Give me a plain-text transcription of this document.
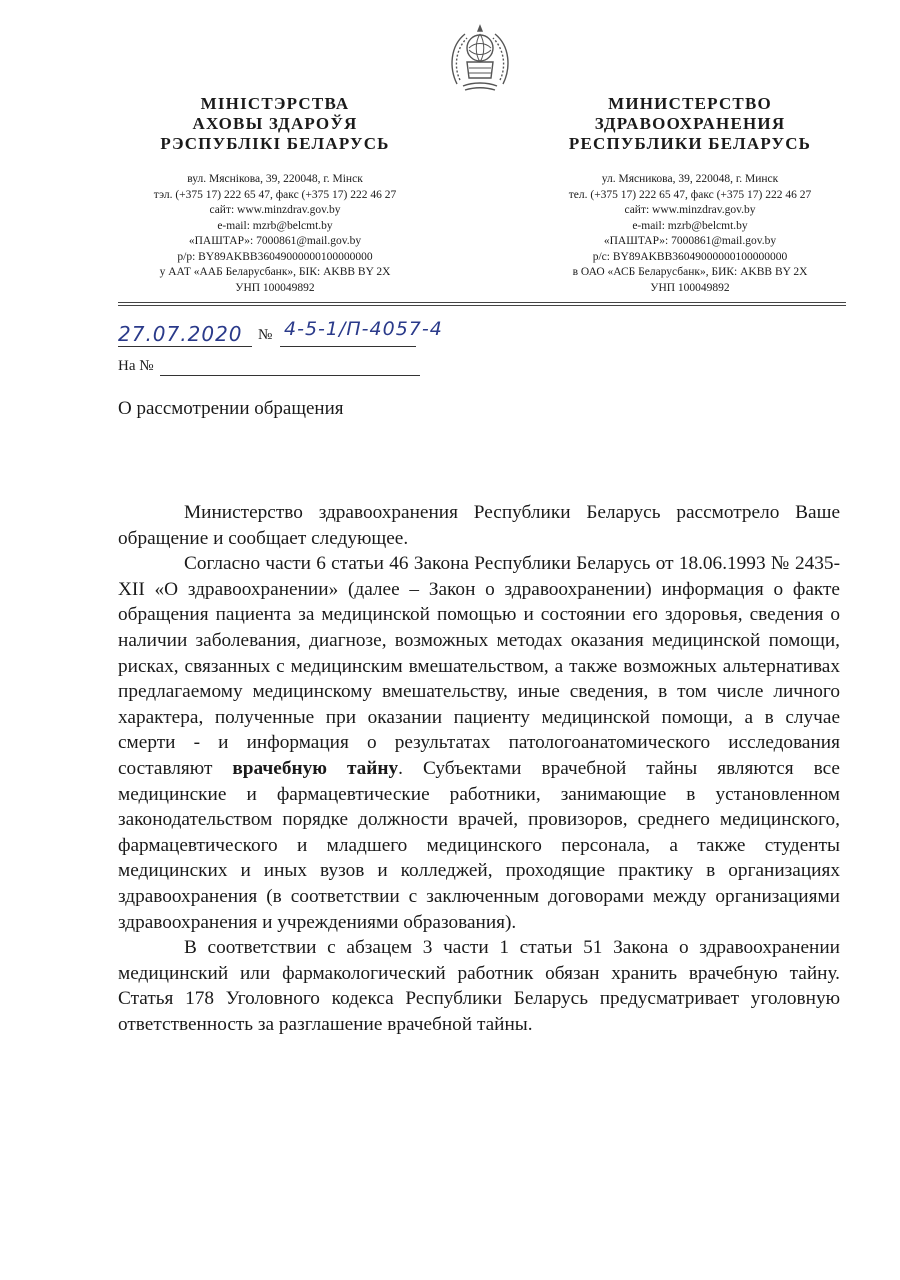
МІНІСТЭРСТВА
АХОВЫ ЗДАРОЎЯ
РЭСПУБЛІКІ БЕЛАРУСЬ
вул. Мяснікова, 39, 220048, г. Мінск
тэл. (+375 17) 222 65 47, факс (+375 17) 222 46 27
сайт: www.minzdrav.gov.by
e-mail: mzrb@belcmt.by
«ПАШТАР»: 7000861@mail.gov.by
р/р: BY89AKBB36049000000100000000
у ААТ «ААБ Беларусбанк», БІК: AKBB BY 2X
УНП 100049892
МИНИСТЕРСТВО
ЗДРАВООХРАНЕНИЯ
РЕСПУБЛИКИ БЕЛАРУСЬ
ул. Мясникова, 39, 220048, г. Минск
тел. (+375 17) 222 65 47, факс (+375 17) 222 46 27
сайт: www.minzdrav.gov.by
e-mail: mzrb@belcmt.by
«ПАШТАР»: 7000861@mail.gov.by
р/с: BY89AKBB36049000000100000000
в ОАО «АСБ Беларусбанк», БИК: AKBB BY 2X
УНП 100049892
27.07.2020 № 4-5-1/П-4057-4
На №
О рассмотрении обращения

Министерство здравоохранения Республики Беларусь рассмотрело Ваше обращение и сообщает следующее.

Согласно части 6 статьи 46 Закона Республики Беларусь от 18.06.1993 № 2435-XII «О здравоохранении» (далее – Закон о здравоохранении) информация о факте обращения пациента за медицинской помощью и состоянии его здоровья, сведения о наличии заболевания, диагнозе, возможных методах оказания медицинской помощи, рисках, связанных с медицинским вмешательством, а также возможных альтернативах предлагаемому медицинскому вмешательству, иные сведения, в том числе личного характера, полученные при оказании пациенту медицинской помощи, а в случае смерти - и информация о результатах патологоанатомического исследования составляют врачебную тайну. Субъектами врачебной тайны являются все медицинские и фармацевтические работники, занимающие в установленном законодательством порядке должности врачей, провизоров, среднего медицинского, фармацевтического и младшего медицинского персонала, а также студенты медицинских и иных вузов и колледжей, проходящие практику в организациях здравоохранения (в соответствии с заключенным договорами между организациями здравоохранения и учреждениями образования).

В соответствии с абзацем 3 части 1 статьи 51 Закона о здравоохранении медицинский или фармакологический работник обязан хранить врачебную тайну. Статья 178 Уголовного кодекса Республики Беларусь предусматривает уголовную ответственность за разглашение врачебной тайны.
